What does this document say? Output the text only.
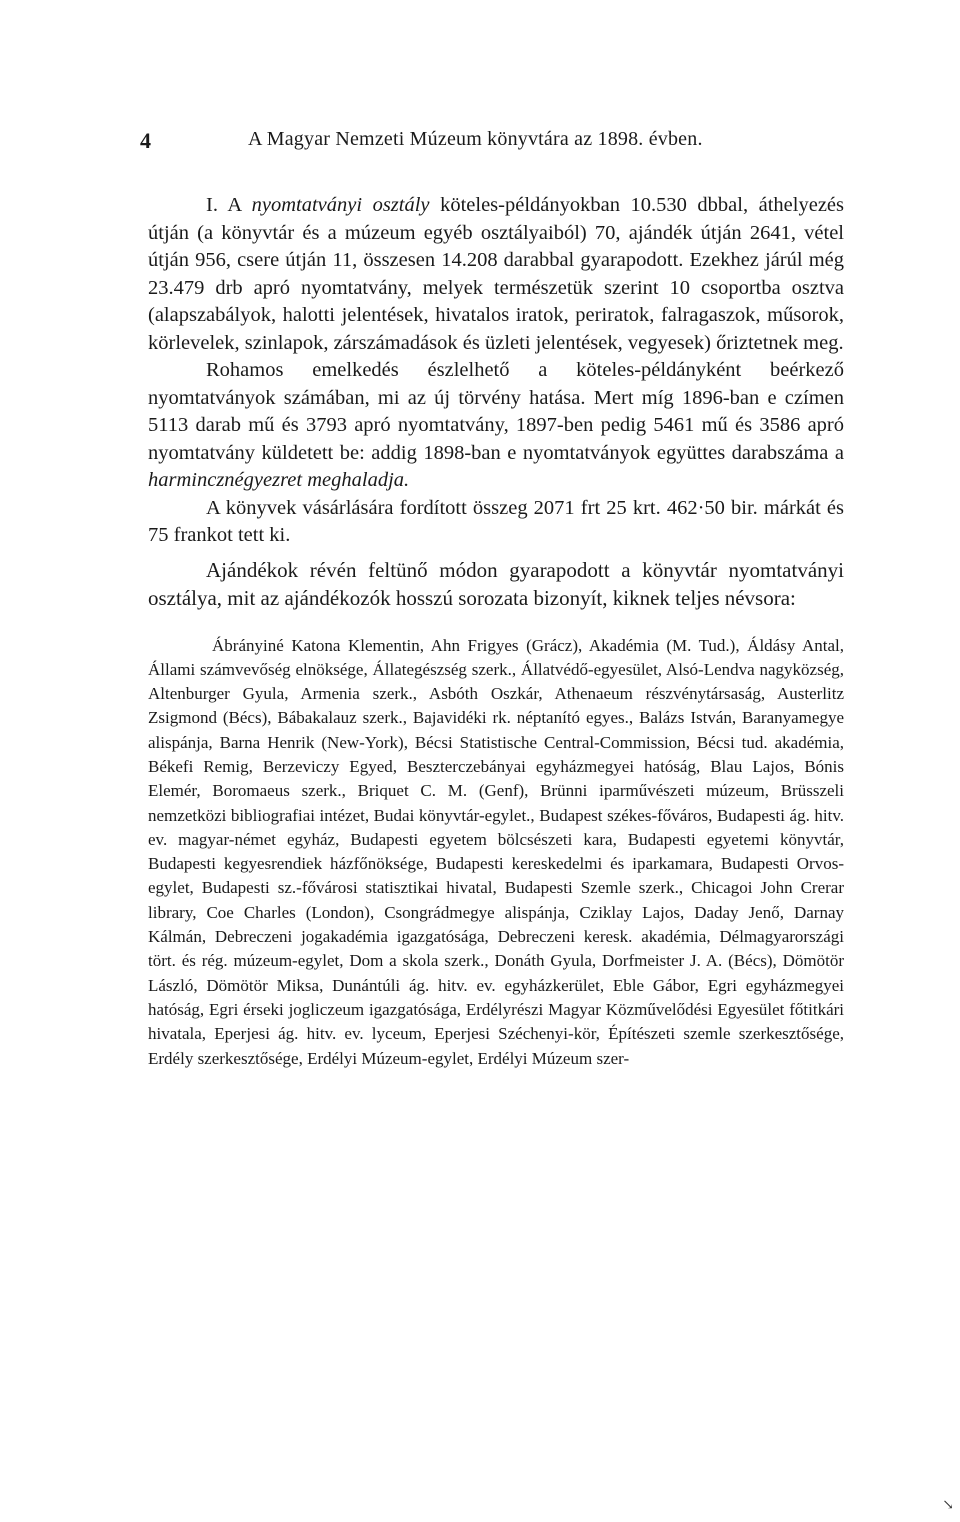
4	A Magyar Nemzeti Múzeum könyvtára az 1898. évben.

I. A nyomtatványi osztály köteles-példányokban 10.530 dbbal, áthelyezés útján (a könyvtár és a múzeum egyéb osztályaiból) 70, ajándék útján 2641, vétel útján 956, csere útján 11, összesen 14.208 darabbal gyarapodott. Ezekhez járúl még 23.479 drb apró nyomtatvány, melyek természetük szerint 10 csoportba osztva (alapszabályok, halotti jelentések, hivatalos iratok, periratok, falragaszok, műsorok, körlevelek, szinlapok, zárszámadások és üzleti jelentések, vegyesek) őriztetnek meg.

Rohamos emelkedés észlelhető a köteles-példányként beérkező nyomtatványok számában, mi az új törvény hatása. Mert míg 1896-ban e czímen 5113 darab mű és 3793 apró nyomtatvány, 1897-ben pedig 5461 mű és 3586 apró nyomtatvány küldetett be: addig 1898-ban e nyomtatványok együttes darabszáma a harmincznégyezret meghaladja.

A könyvek vásárlására fordított összeg 2071 frt 25 krt. 462·50 bir. márkát és 75 frankot tett ki.

Ajándékok révén feltünő módon gyarapodott a könyvtár nyomtatványi osztálya, mit az ajándékozók hosszú sorozata bizonyít, kiknek teljes névsora:

Ábrányiné Katona Klementin, Ahn Frigyes (Grácz), Akadémia (M. Tud.), Áldásy Antal, Állami számvevőség elnöksége, Állategészség szerk., Állatvédő-egyesület, Alsó-Lendva nagyközség, Altenburger Gyula, Armenia szerk., Asbóth Oszkár, Athenaeum részvénytársaság, Austerlitz Zsigmond (Bécs), Bábakalauz szerk., Bajavidéki rk. néptanító egyes., Balázs István, Baranyamegye alispánja, Barna Henrik (New-York), Bécsi Statistische Central-Commission, Bécsi tud. akadémia, Békefi Remig, Berzeviczy Egyed, Beszterczebányai egyházmegyei hatóság, Blau Lajos, Bónis Elemér, Boromaeus szerk., Briquet C. M. (Genf), Brünni iparművészeti múzeum, Brüsszeli nemzetközi bibliografiai intézet, Budai könyvtár-egylet., Budapest székes-főváros, Budapesti ág. hitv. ev. magyar-német egyház, Budapesti egyetem bölcsészeti kara, Budapesti egyetemi könyvtár, Budapesti kegyesrendiek házfőnöksége, Budapesti kereskedelmi és iparkamara, Budapesti Orvos-egylet, Budapesti sz.-fővárosi statisztikai hivatal, Budapesti Szemle szerk., Chicagoi John Crerar library, Coe Charles (London), Csongrádmegye alispánja, Cziklay Lajos, Daday Jenő, Darnay Kálmán, Debreczeni jogakadémia igazgatósága, Debreczeni keresk. akadémia, Délmagyarországi tört. és rég. múzeum-egylet, Dom a skola szerk., Donáth Gyula, Dorfmeister J. A. (Bécs), Dömötör László, Dömötör Miksa, Dunántúli ág. hitv. ev. egyházkerület, Eble Gábor, Egri egyházmegyei hatóság, Egri érseki jogliczeum igazgatósága, Erdélyrészi Magyar Közművelődési Egyesület főtitkári hivatala, Eperjesi ág. hitv. ev. lyceum, Eperjesi Széchenyi-kör, Építészeti szemle szerkesztősége, Erdély szerkesztősége, Erdélyi Múzeum-egylet, Erdélyi Múzeum szer-

↘
